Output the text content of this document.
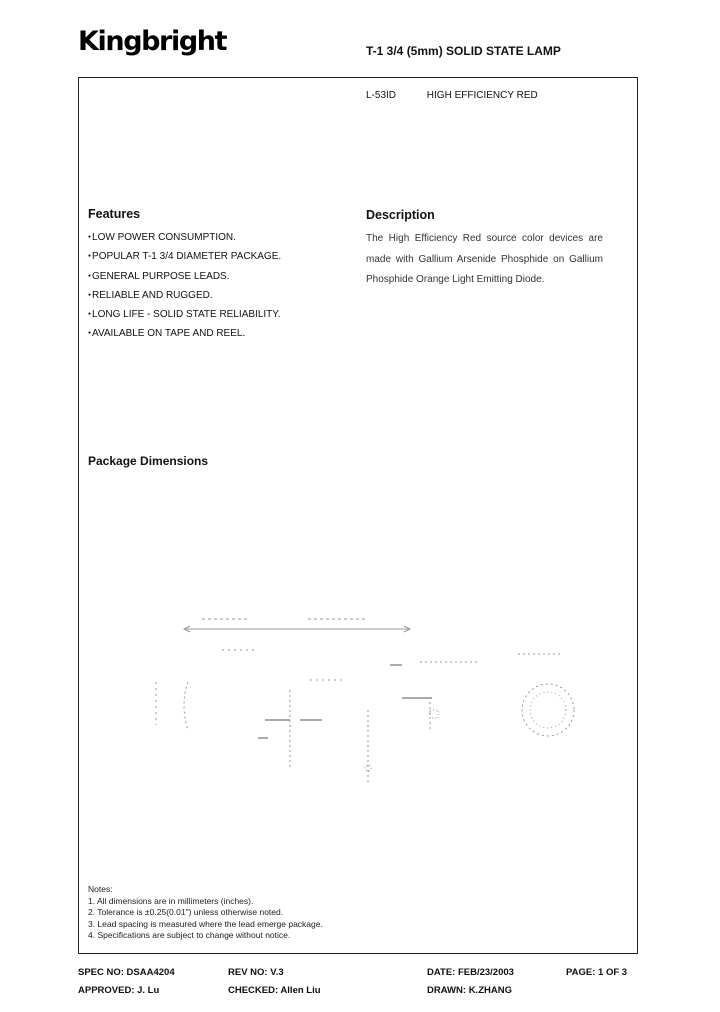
Kingbright	T-1 3/4 (5mm) SOLID STATE LAMP
L-53ID	HIGH EFFICIENCY RED
Features
● LOW POWER CONSUMPTION.
● POPULAR T-1 3/4 DIAMETER PACKAGE.
● GENERAL PURPOSE LEADS.
● RELIABLE AND RUGGED.
● LONG LIFE - SOLID STATE RELIABILITY.
● AVAILABLE ON TAPE AND REEL.
Description
The High Efficiency Red source color devices are made with Gallium Arsenide Phosphide on Gallium Phosphide Orange Light Emitting Diode.
Package Dimensions
Notes:
1. All dimensions are in millimeters (inches).
2. Tolerance is ±0.25(0.01") unless otherwise noted.
3. Lead spacing is measured where the lead emerge package.
4. Specifications are subject to change without notice.
SPEC NO: DSAA4204	REV NO: V.3	DATE: FEB/23/2003	PAGE: 1 OF 3
APPROVED: J. Lu	CHECKED: Allen Liu	DRAWN: K.ZHANG
